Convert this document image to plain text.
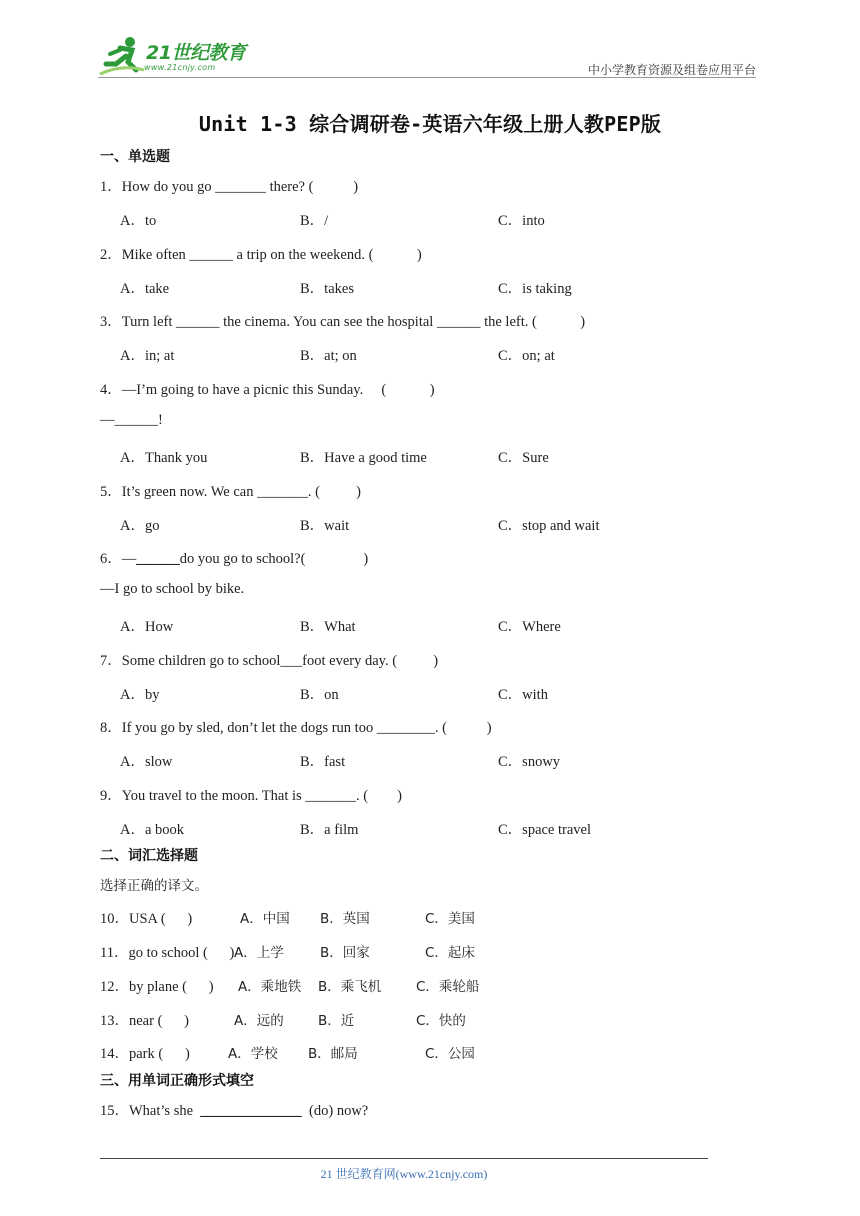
21世纪教育
www.21cnjy.com	中小学教育资源及组卷应用平台
Unit 1-3 综合调研卷-英语六年级上册人教PEP版
一、单选题
1．How do you go _______ there? (           )
A．to	B．/	C．into
2．Mike often ______ a trip on the weekend. (            )
A．take	B．takes	C．is taking
3．Turn left ______ the cinema. You can see the hospital ______ the left. (            )
A．in; at	B．at; on	C．on; at
4．—I’m going to have a picnic this Sunday.     (            )
—______!
A．Thank you	B．Have a good time	C．Sure
5．It’s green now. We can _______. (          )
A．go	B．wait	C．stop and wait
6．—______do you go to school?(                )
—I go to school by bike.
A．How	B．What	C．Where
7．Some children go to school___foot every day. (          )
A．by	B．on	C．with
8．If you go by sled, don’t let the dogs run too ________. (           )
A．slow	B．fast	C．snowy
9．You travel to the moon. That is _______. (        )
A．a book	B．a film	C．space travel
二、词汇选择题
选择正确的译文。
10．USA (      )	A．中国 B．英国	C．美国
11．go to school (      ) A．上学	B．回家	C．起床
12．by plane (      ) A．乘地铁 B．乘飞机	C．乘轮船
13．near (      )	A．远的	B．近	C．快的
14．park (      )	A．学校 B．邮局	C．公园
三、用单词正确形式填空
15．What’s she  ______________  (do) now?
21 世纪教育网(www.21cnjy.com)
